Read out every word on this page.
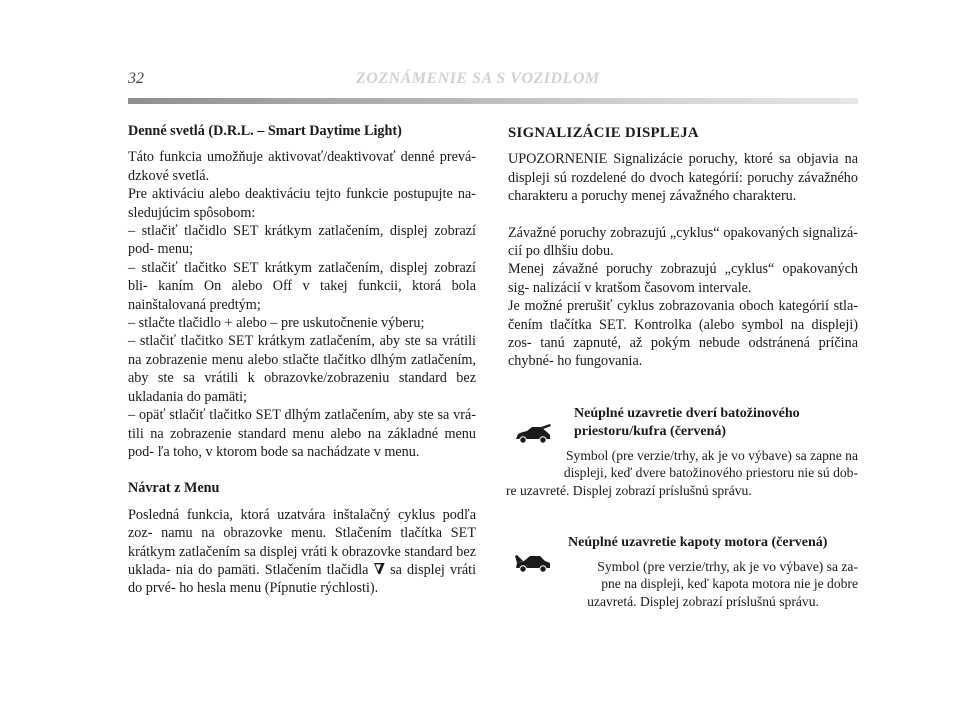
32	ZOZNÁMENIE SA S VOZIDLOM
Denné svetlá (D.R.L. – Smart Daytime Light)

Táto funkcia umožňuje aktivovať/deaktivovať denné prevá- dzkové svetlá.

Pre aktiváciu alebo deaktiváciu tejto funkcie postupujte na- sledujúcim spôsobom:

– stlačiť tlačidlo SET krátkym zatlačením, displej zobrazí pod- menu;

– stlačiť tlačitko SET krátkym zatlačením, displej zobrazí bli- kaním On alebo Off v takej funkcii, ktorá bola nainštalovaná predtým;

– stlačte tlačidlo + alebo – pre uskutočnenie výberu;

– stlačiť tlačitko SET krátkym zatlačením, aby ste sa vrátili na zobrazenie menu alebo stlačte tlačitko dlhým zatlačením, aby ste sa vrátili k obrazovke/zobrazeniu standard bez ukladania do pamäti;

– opäť stlačiť tlačitko SET dlhým zatlačením, aby ste sa vrá- tili na zobrazenie standard menu alebo na základné menu pod- ľa toho, v ktorom bode sa nachádzate v menu.

Návrat z Menu

Posledná funkcia, ktorá uzatvára inštalačný cyklus podľa zoz- namu na obrazovke menu. Stlačením tlačítka SET krátkym zatlačením sa displej vráti k obrazovke standard bez uklada- nia do pamäti. Stlačením tlačidla ∇ sa displej vráti do prvé- ho hesla menu (Pípnutie rýchlosti).

SIGNALIZÁCIE DISPLEJA

UPOZORNENIE Signalizácie poruchy, ktoré sa objavia na displeji sú rozdelené do dvoch kategórií: poruchy závažného charakteru a poruchy menej závažného charakteru.

Závažné poruchy zobrazujú „cyklus“ opakovaných signalizá- cií po dlhšiu dobu.

Menej závažné poruchy zobrazujú „cyklus“ opakovaných sig- nalizácií v kratšom časovom intervale.

Je možné prerušiť cyklus zobrazovania oboch kategórií stla- čením tlačítka SET. Kontrolka (alebo symbol na displeji) zos- tanú zapnuté, až pokým nebude odstránená príčina chybné- ho fungovania.

Neúplné uzavretie dverí batožinového priestoru/kufra (červená)
Symbol (pre verzie/trhy, ak je vo výbave) sa zapne na
displeji, keď dvere batožinového priestoru nie sú dob-
re uzavreté. Displej zobrazí príslušnú správu.
Neúplné uzavretie kapoty motora (červená)
Symbol (pre verzie/trhy, ak je vo výbave) sa za-
pne na displeji, keď kapota motora nie je dobre
uzavretá. Displej zobrazí príslušnú správu.
